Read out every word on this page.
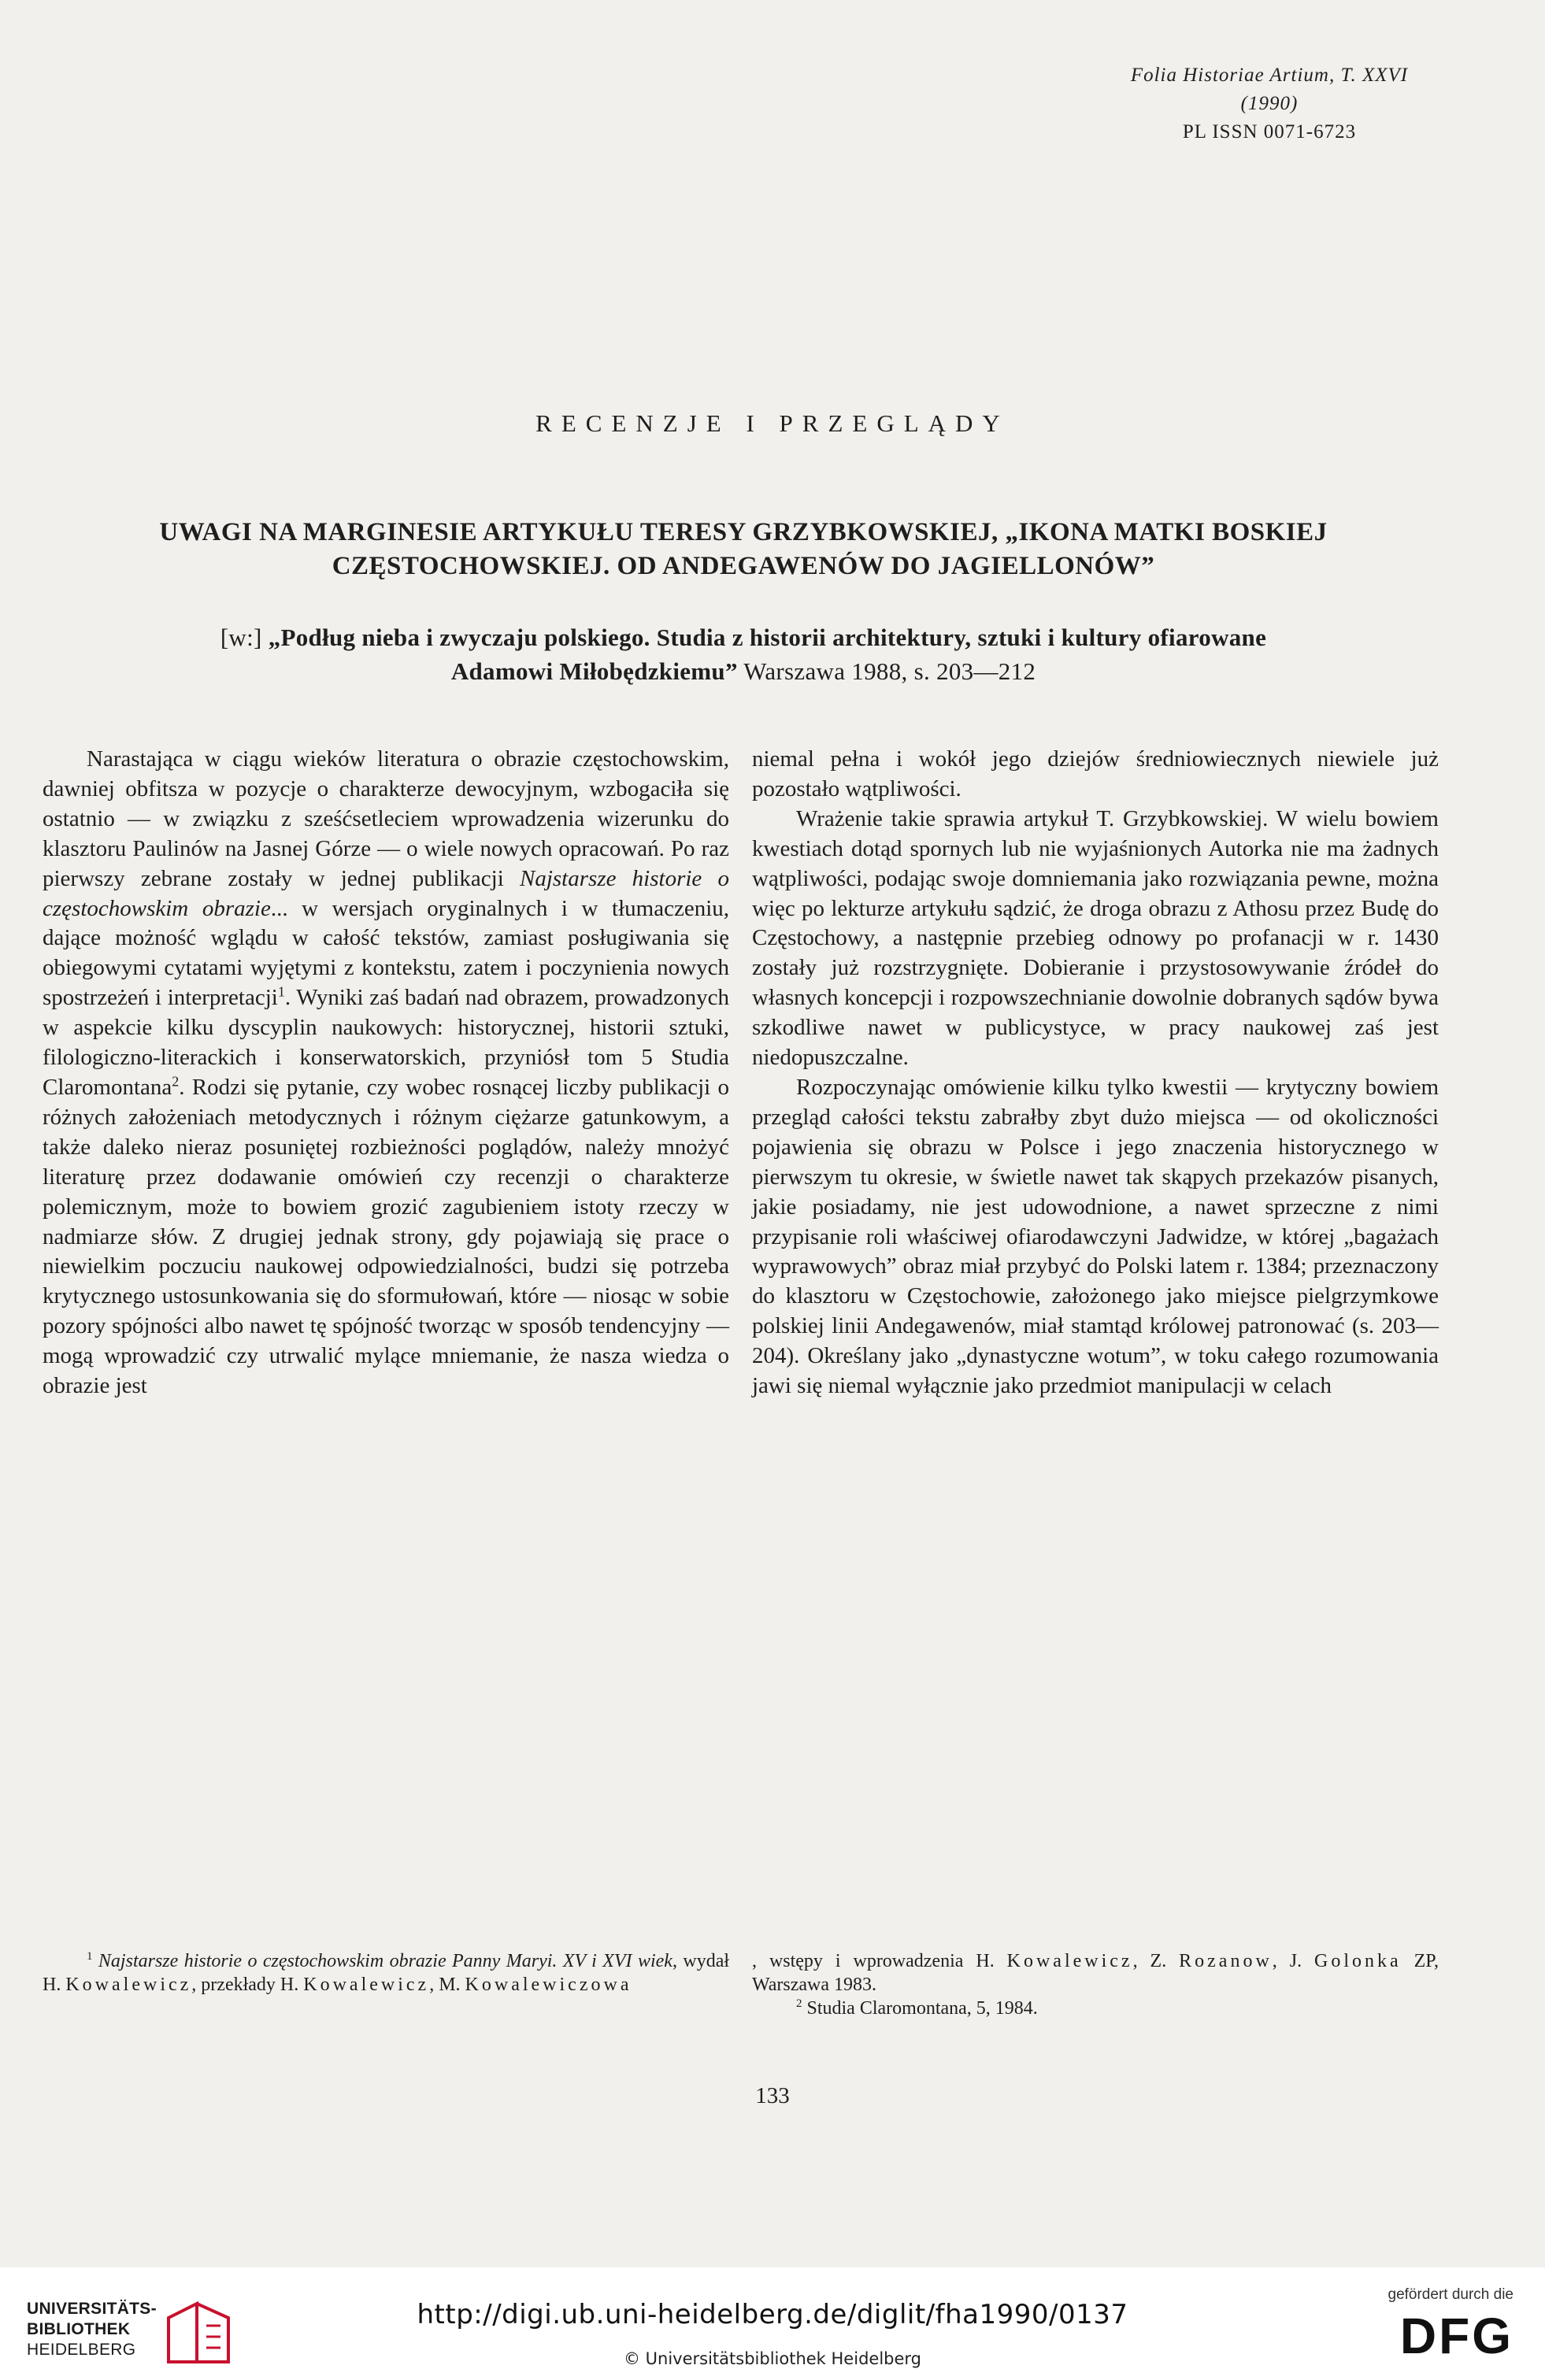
Folia Historiae Artium, T. XXVI (1990)
PL ISSN 0071-6723
RECENZJE I PRZEGLĄDY
UWAGI NA MARGINESIE ARTYKUŁU TERESY GRZYBKOWSKIEJ, „IKONA MATKI BOSKIEJ
CZĘSTOCHOWSKIEJ. OD ANDEGAWENÓW DO JAGIELLONÓW”
[w:] „Podług nieba i zwyczaju polskiego. Studia z historii architektury, sztuki i kultury ofiarowane
Adamowi Miłobędzkiemu” Warszawa 1988, s. 203—212

Narastająca w ciągu wieków literatura o obrazie częstochowskim, dawniej obfitsza w pozycje o charakterze dewocyjnym, wzbogaciła się ostatnio — w związku z sześćsetleciem wprowadzenia wizerunku do klasztoru Paulinów na Jasnej Górze — o wiele nowych opracowań. Po raz pierwszy zebrane zostały w jednej publikacji Najstarsze historie o częstochowskim obrazie... w wersjach oryginalnych i w tłumaczeniu, dające możność wglądu w całość tekstów, zamiast posługiwania się obiegowymi cytatami wyjętymi z kontekstu, zatem i poczynienia nowych spostrzeżeń i interpretacji$^1$. Wyniki zaś badań nad obrazem, prowadzonych w aspekcie kilku dyscyplin naukowych: historycznej, historii sztuki, filologiczno-literackich i konserwatorskich, przyniósł tom 5 Studia Claromontana$^2$. Rodzi się pytanie, czy wobec rosnącej liczby publikacji o różnych założeniach metodycznych i różnym ciężarze gatunkowym, a także daleko nieraz posuniętej rozbieżności poglądów, należy mnożyć literaturę przez dodawanie omówień czy recenzji o charakterze polemicznym, może to bowiem grozić zagubieniem istoty rzeczy w nadmiarze słów. Z drugiej jednak strony, gdy pojawiają się prace o niewielkim poczuciu naukowej odpowiedzialności, budzi się potrzeba krytycznego ustosunkowania się do sformułowań, które — niosąc w sobie pozory spójności albo nawet tę spójność tworząc w sposób tendencyjny — mogą wprowadzić czy utrwalić mylące mniemanie, że nasza wiedza o obrazie jest

niemal pełna i wokół jego dziejów średniowiecznych niewiele już pozostało wątpliwości.

Wrażenie takie sprawia artykuł T. Grzybkowskiej. W wielu bowiem kwestiach dotąd spornych lub nie wyjaśnionych Autorka nie ma żadnych wątpliwości, podając swoje domniemania jako rozwiązania pewne, można więc po lekturze artykułu sądzić, że droga obrazu z Athosu przez Budę do Częstochowy, a następnie przebieg odnowy po profanacji w r. 1430 zostały już rozstrzygnięte. Dobieranie i przystosowywanie źródeł do własnych koncepcji i rozpowszechnianie dowolnie dobranych sądów bywa szkodliwe nawet w publicystyce, w pracy naukowej zaś jest niedopuszczalne.

Rozpoczynając omówienie kilku tylko kwestii — krytyczny bowiem przegląd całości tekstu zabrałby zbyt dużo miejsca — od okoliczności pojawienia się obrazu w Polsce i jego znaczenia historycznego w pierwszym tu okresie, w świetle nawet tak skąpych przekazów pisanych, jakie posiadamy, nie jest udowodnione, a nawet sprzeczne z nimi przypisanie roli właściwej ofiarodawczyni Jadwidze, w której „bagażach wyprawowych” obraz miał przybyć do Polski latem r. 1384; przeznaczony do klasztoru w Częstochowie, założonego jako miejsce pielgrzymkowe polskiej linii Andegawenów, miał stamtąd królowej patronować (s. 203—204). Określany jako „dynastyczne wotum”, w toku całego rozumowania jawi się niemal wyłącznie jako przedmiot manipulacji w celach

$^1$ Najstarsze historie o częstochowskim obrazie Panny Maryi. XV i XVI wiek, wydał H. Kowalewicz, przekłady H. Kowalewicz, M. Kowalewiczowa

, wstępy i wprowadzenia H. Kowalewicz, Z. Rozanow, J. Golonka ZP, Warszawa 1983.

$^2$ Studia Claromontana, 5, 1984.

133
UNIVERSITÄTS-
BIBLIOTHEK
HEIDELBERG
http://digi.ub.uni-heidelberg.de/diglit/fha1990/0137
© Universitätsbibliothek Heidelberg
gefördert durch die
DFG
